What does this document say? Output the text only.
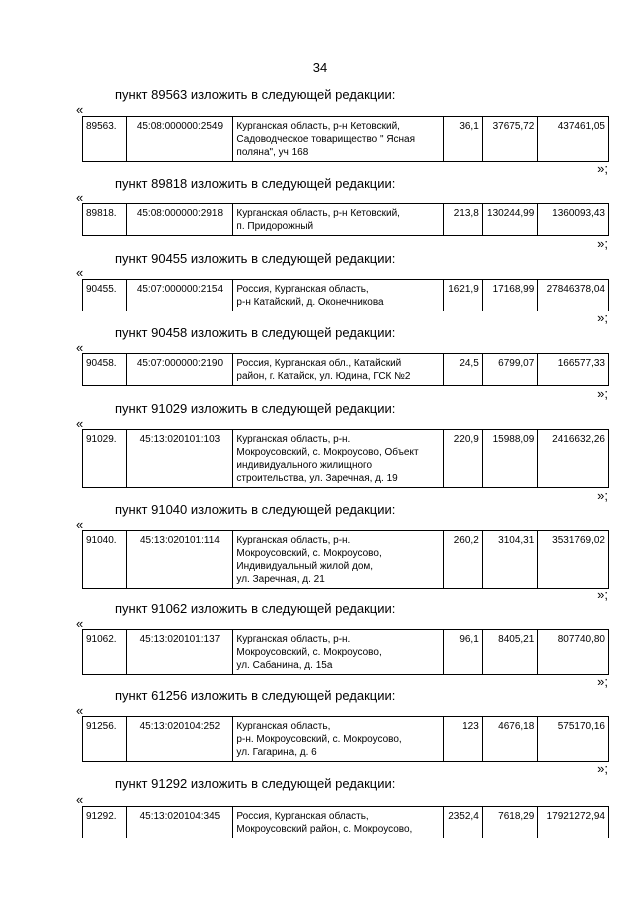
34
пункт 89563 изложить в следующей редакции:
«
89563.	45:08:000000:2549	Курганская область, р-н Кетовский,
Садоводческое товарищество " Ясная
поляна", уч 168
	36,1	37675,72	437461,05
»;
пункт 89818 изложить в следующей редакции:
«
89818.	45:08:000000:2918	Курганская область, р-н Кетовский,
п. Придорожный
	213,8	130244,99	1360093,43
»;
пункт 90455 изложить в следующей редакции:
«
90455.	45:07:000000:2154	Россия, Курганская область,
р-н Катайский, д. Оконечникова
	1621,9	17168,99	27846378,04
»;
пункт 90458 изложить в следующей редакции:
«
90458.	45:07:000000:2190	Россия, Курганская обл., Катайский
район, г. Катайск, ул. Юдина, ГСК №2
	24,5	6799,07	166577,33
»;
пункт 91029 изложить в следующей редакции:
«
91029.	45:13:020101:103	Курганская область, р-н.
Мокроусовский, с. Мокроусово, Объект
индивидуального жилищного
строительства, ул. Заречная, д. 19
	220,9	15988,09	2416632,26
»;
пункт 91040 изложить в следующей редакции:
«
91040.	45:13:020101:114	Курганская область, р-н.
Мокроусовский, с. Мокроусово,
Индивидуальный жилой дом,
ул. Заречная, д. 21
	260,2	3104,31	3531769,02
»;
пункт 91062 изложить в следующей редакции:
«
91062.	45:13:020101:137	Курганская область, р-н.
Мокроусовский, с. Мокроусово,
ул. Сабанина, д. 15а
	96,1	8405,21	807740,80
»;
пункт 61256 изложить в следующей редакции:
«
91256.	45:13:020104:252	Курганская область,
р-н. Мокроусовский, с. Мокроусово,
ул. Гагарина, д. 6
	123	4676,18	575170,16
»;
пункт 91292 изложить в следующей редакции:
«
91292.	45:13:020104:345	Россия, Курганская область,
Мокроусовский район, с. Мокроусово,
	2352,4	7618,29	17921272,94
